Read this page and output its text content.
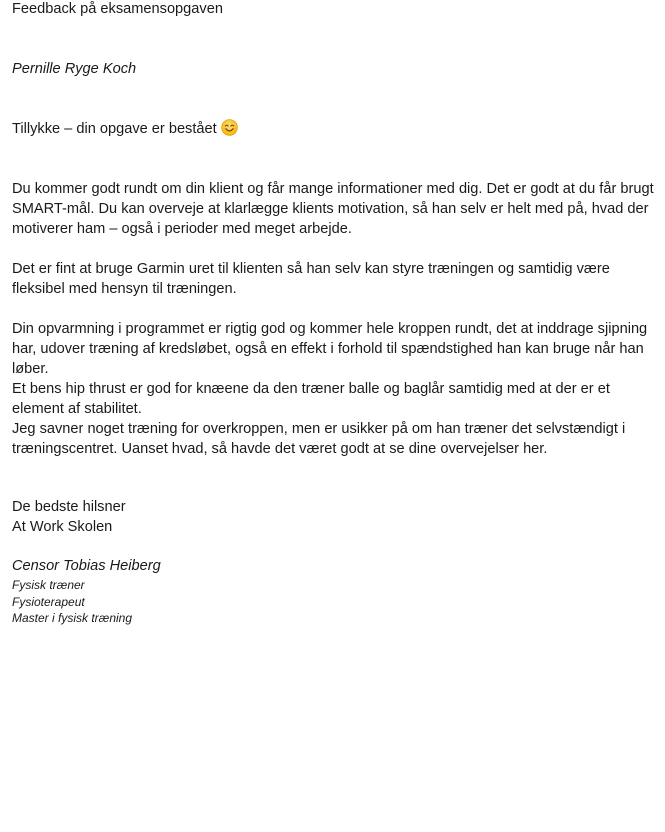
Feedback på eksamensopgaven
Pernille Ryge Koch
Tillykke – din opgave er bestået

Du kommer godt rundt om din klient og får mange informationer med dig. Det er godt at du får brugt SMART-mål. Du kan overveje at klarlægge klients motivation, så han selv er helt med på, hvad der motiverer ham – også i perioder med meget arbejde.

Det er fint at bruge Garmin uret til klienten så han selv kan styre træningen og samtidig være fleksibel med hensyn til træningen.

Din opvarmning i programmet er rigtig god og kommer hele kroppen rundt, det at inddrage sjipning har, udover træning af kredsløbet, også en effekt i forhold til spændstighed han kan bruge når han løber.

Et bens hip thrust er god for knæene da den træner balle og baglår samtidig med at der er et element af stabilitet.

Jeg savner noget træning for overkroppen, men er usikker på om han træner det selvstændigt i træningscentret. Uanset hvad, så havde det været godt at se dine overvejelser her.

De bedste hilsner
At Work Skolen
Censor Tobias Heiberg
Fysisk træner
Fysioterapeut
Master i fysisk træning
